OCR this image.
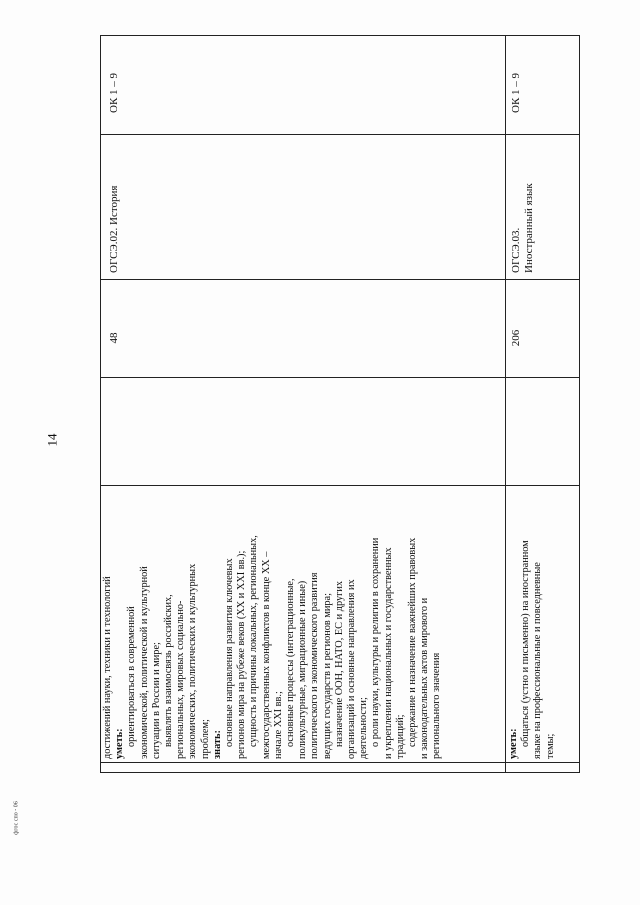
14
фгос спо - 06

достижений науки, техники и технологий уметь: ориентироваться в современной экономической, политической и культурной ситуации в России и мире; выявлять взаимосвязь российских, региональных, мировых социально- экономических, политических и культурных проблем; знать: основные направления развития ключевых регионов мира на рубеже веков (XX и XXI вв.); сущность и причины локальных, региональных, межгосударственных конфликтов в конце XX – начале XXI вв.; основные процессы (интеграционные, поликультурные, миграционные и иные) политического и экономического развития ведущих государств и регионов мира; назначение ООН, НАТО, ЕС и других организаций и основные направления их деятельности; о роли науки, культуры и религии в сохранении и укреплении национальных и государственных традиций; содержание и назначение важнейших правовых и законодательных актов мирового и регионального значения

48
ОГСЭ.02. История
ОК 1 – 9

уметь: общаться (устно и письменно) на иностранном языке на профессиональные и повседневные темы;

206
ОГСЭ.03. Иностранный язык
ОК 1 – 9
